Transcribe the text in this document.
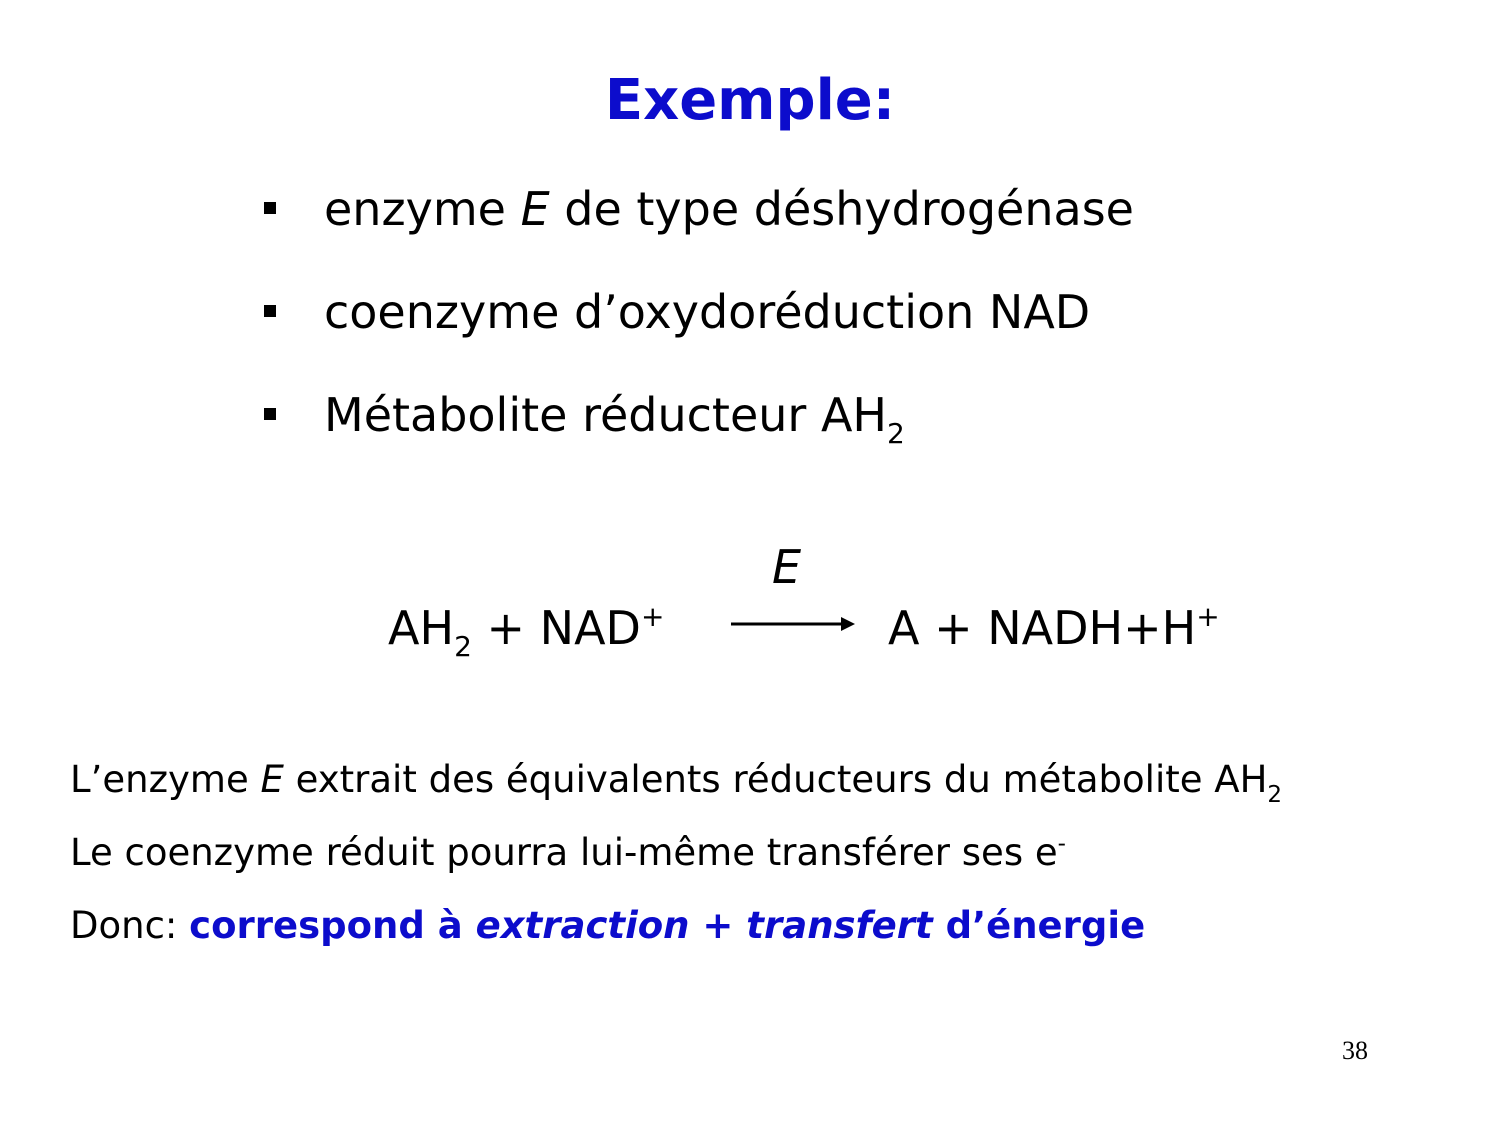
Exemple:
enzyme E de type déshydrogénase
coenzyme d’oxydoréduction NAD
Métabolite réducteur $AH_2$
E
$AH_2 + NAD^+$	A + NADH+H+
L’enzyme E extrait des équivalents réducteurs du métabolite $AH_2$
Le coenzyme réduit pourra lui-même transférer ses e-
Donc: correspond à extraction + transfert d’énergie
38
